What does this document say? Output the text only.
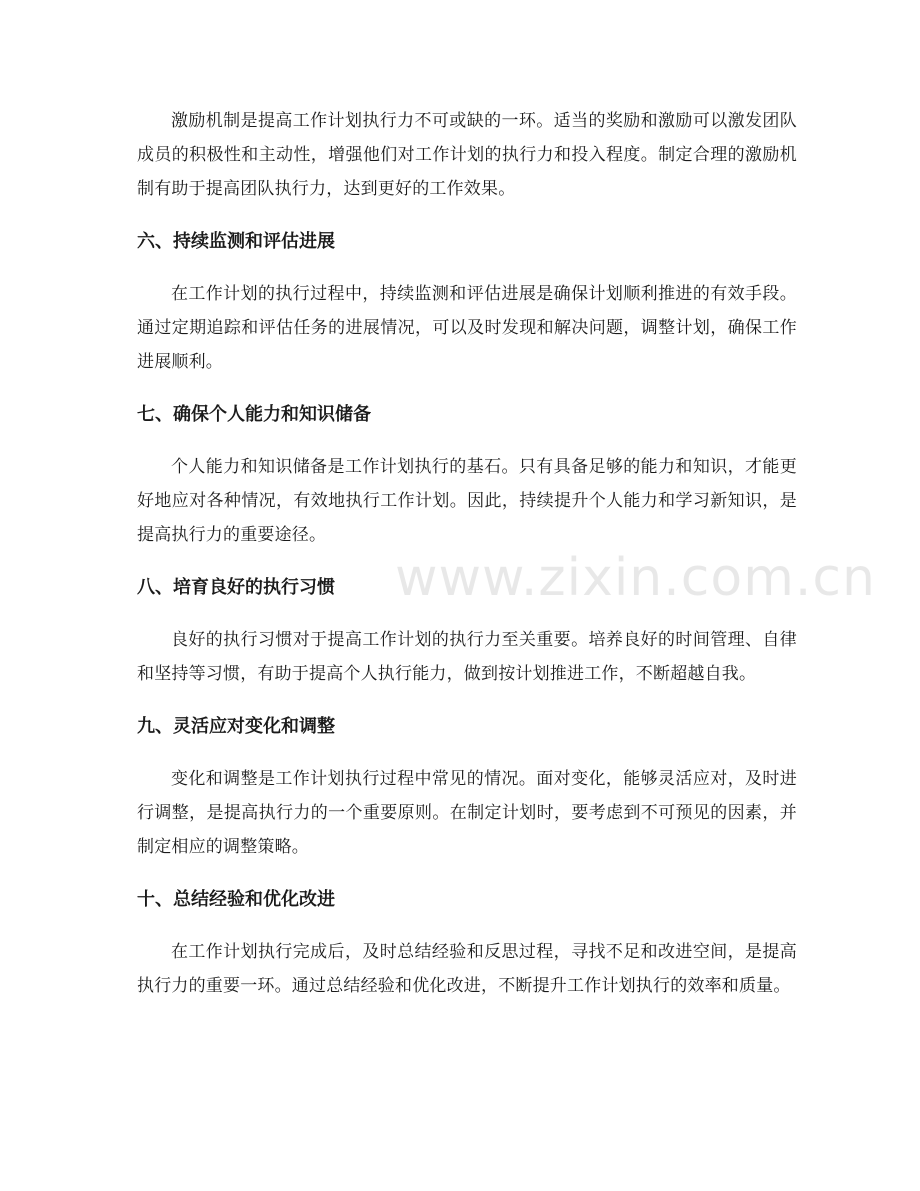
激励机制是提高工作计划执行力不可或缺的一环。适当的奖励和激励可以激发团队成员的积极性和主动性，增强他们对工作计划的执行力和投入程度。制定合理的激励机制有助于提高团队执行力，达到更好的工作效果。

六、持续监测和评估进展

在工作计划的执行过程中，持续监测和评估进展是确保计划顺利推进的有效手段。通过定期追踪和评估任务的进展情况，可以及时发现和解决问题，调整计划，确保工作进展顺利。

七、确保个人能力和知识储备

个人能力和知识储备是工作计划执行的基石。只有具备足够的能力和知识，才能更好地应对各种情况，有效地执行工作计划。因此，持续提升个人能力和学习新知识，是提高执行力的重要途径。

八、培育良好的执行习惯

良好的执行习惯对于提高工作计划的执行力至关重要。培养良好的时间管理、自律和坚持等习惯，有助于提高个人执行能力，做到按计划推进工作，不断超越自我。

九、灵活应对变化和调整

变化和调整是工作计划执行过程中常见的情况。面对变化，能够灵活应对，及时进行调整，是提高执行力的一个重要原则。在制定计划时，要考虑到不可预见的因素，并制定相应的调整策略。

十、总结经验和优化改进

在工作计划执行完成后，及时总结经验和反思过程，寻找不足和改进空间，是提高执行力的重要一环。通过总结经验和优化改进，不断提升工作计划执行的效率和质量。

www.zixin.com.cn
